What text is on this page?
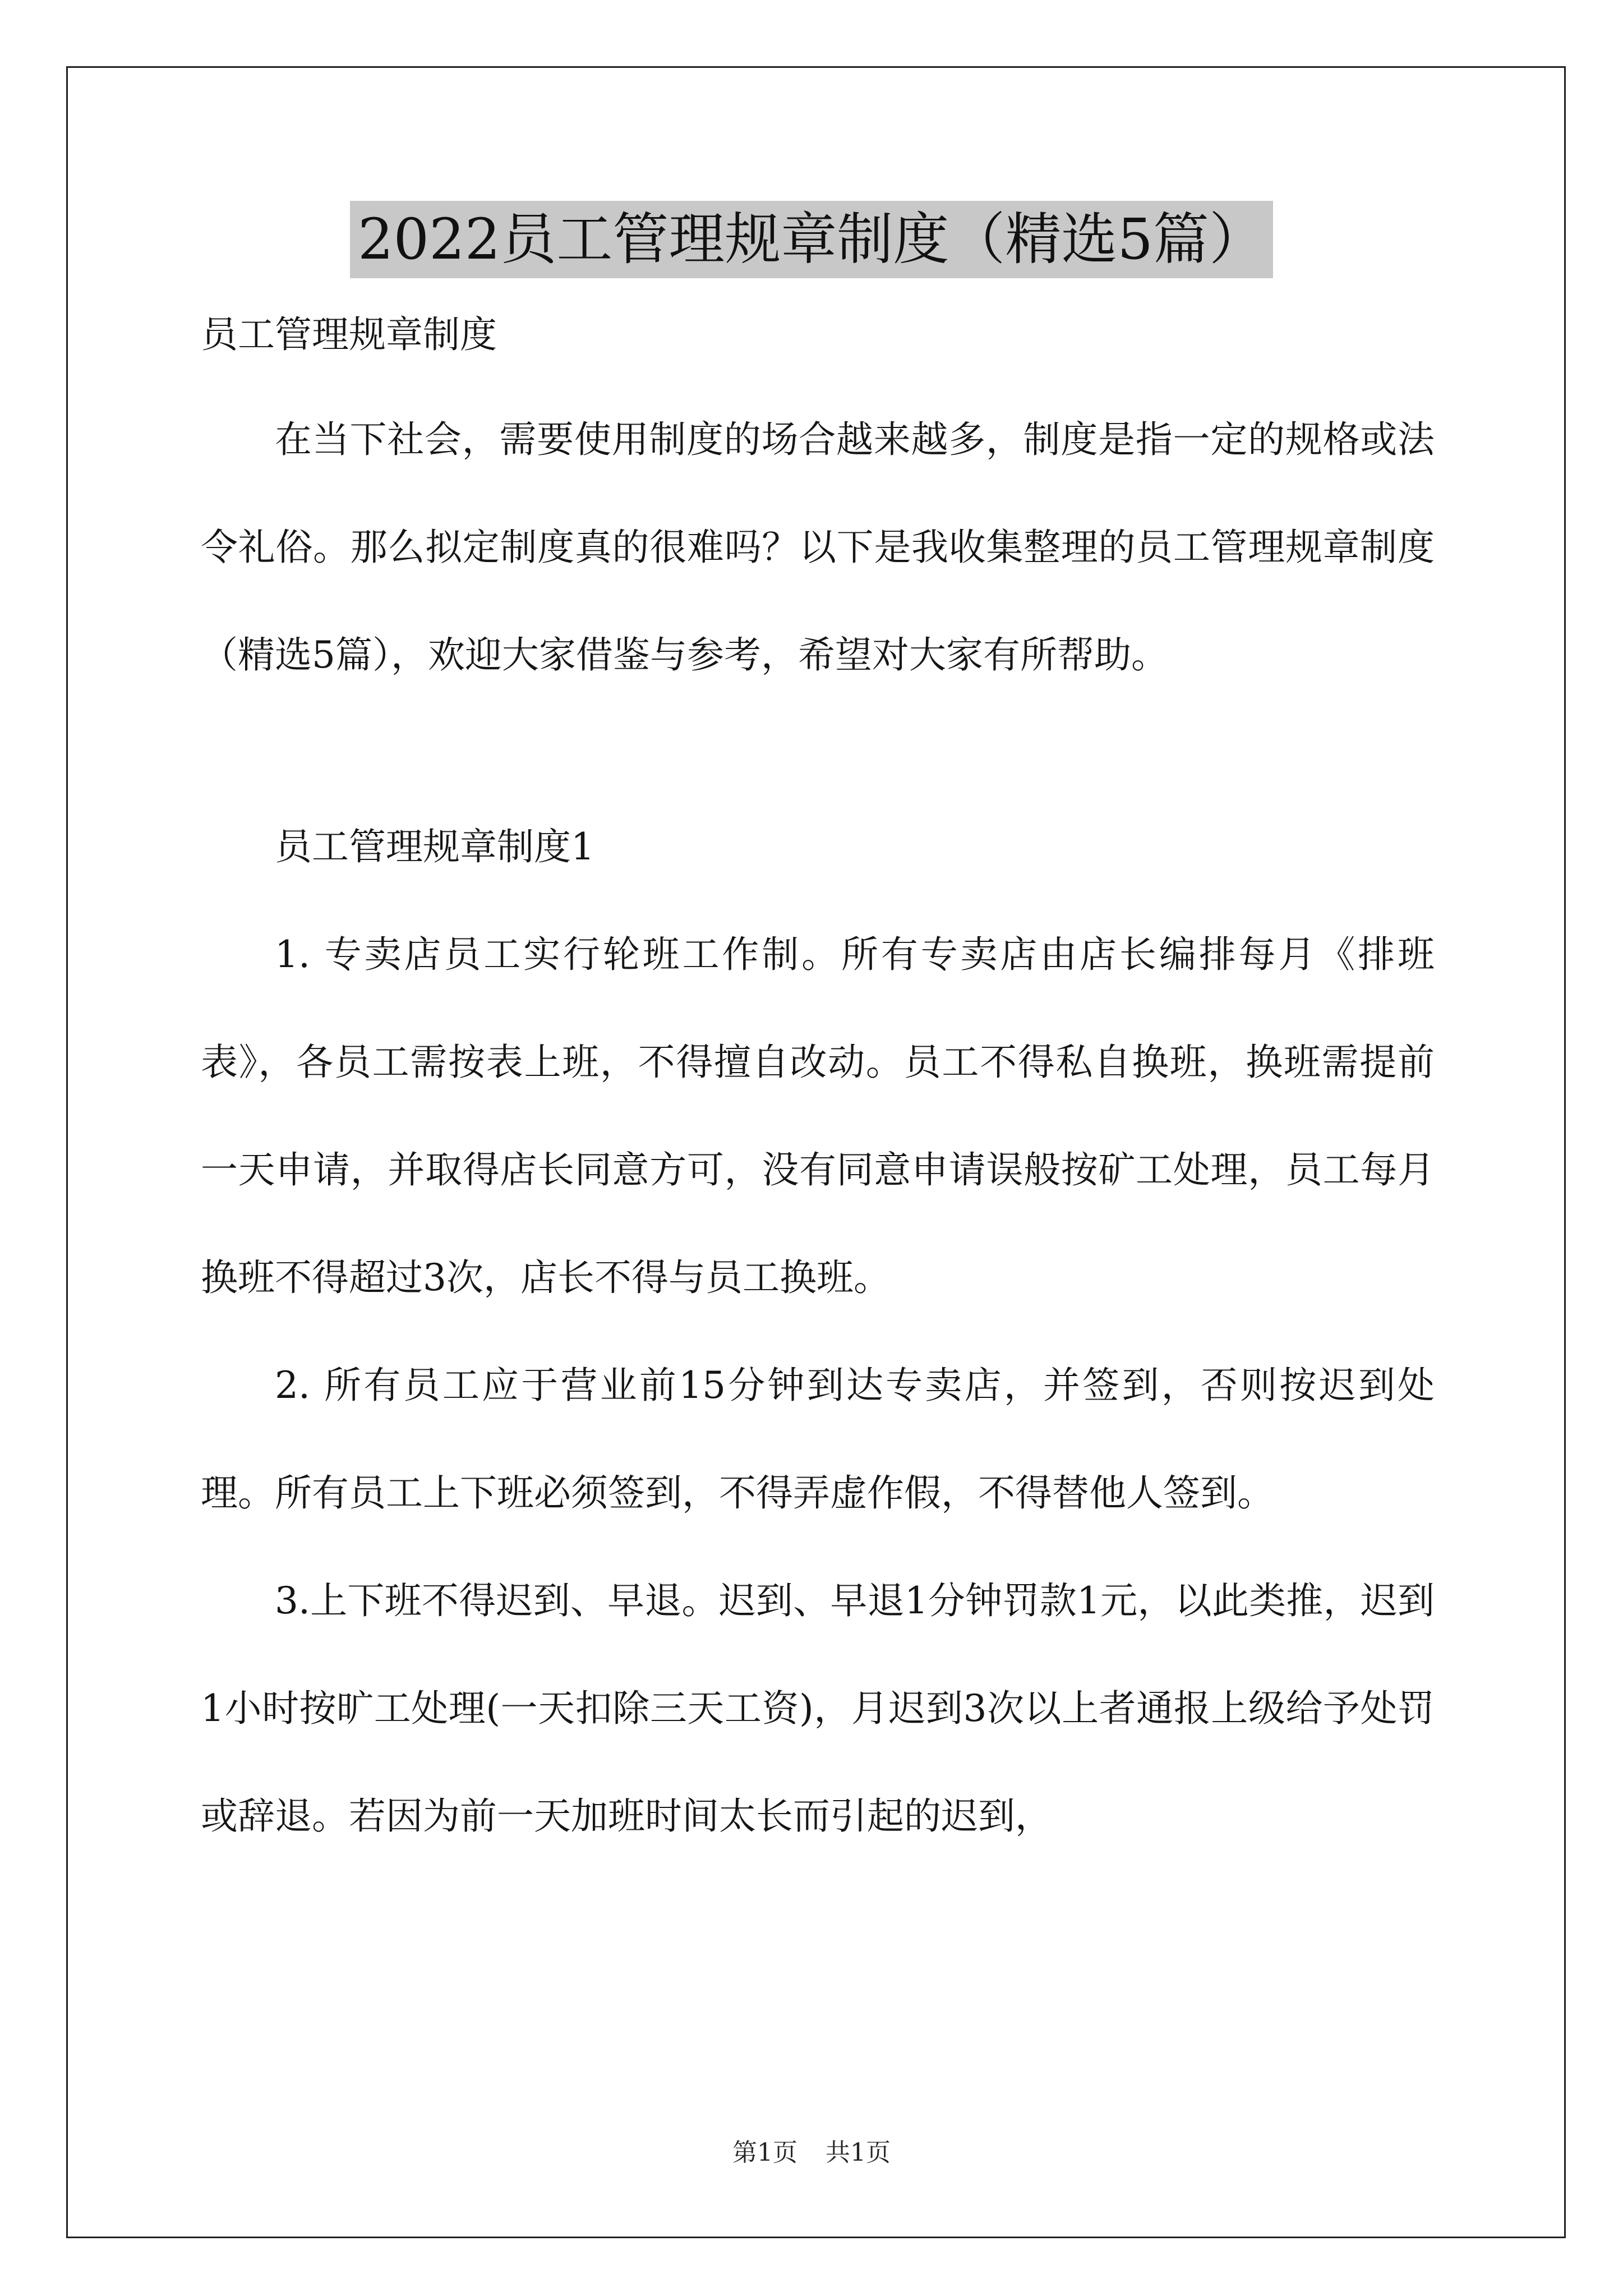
2022员工管理规章制度（精选5篇）
员工管理规章制度

在当下社会，需要使用制度的场合越来越多，制度是指一定的规格或法令礼俗。那么拟定制度真的很难吗？以下是我收集整理的员工管理规章制度（精选5篇），欢迎大家借鉴与参考，希望对大家有所帮助。

员工管理规章制度1

1. 专卖店员工实行轮班工作制。所有专卖店由店长编排每月《排班表》，各员工需按表上班，不得擅自改动。员工不得私自换班，换班需提前一天申请，并取得店长同意方可，没有同意申请误般按矿工处理，员工每月换班不得超过3次，店长不得与员工换班。

2. 所有员工应于营业前15分钟到达专卖店，并签到，否则按迟到处理。所有员工上下班必须签到，不得弄虚作假，不得替他人签到。

3.上下班不得迟到、早退。迟到、早退1分钟罚款1元，以此类推，迟到1小时按旷工处理(一天扣除三天工资)，月迟到3次以上者通报上级给予处罚或辞退。若因为前一天加班时间太长而引起的迟到，

第1页 共1页
